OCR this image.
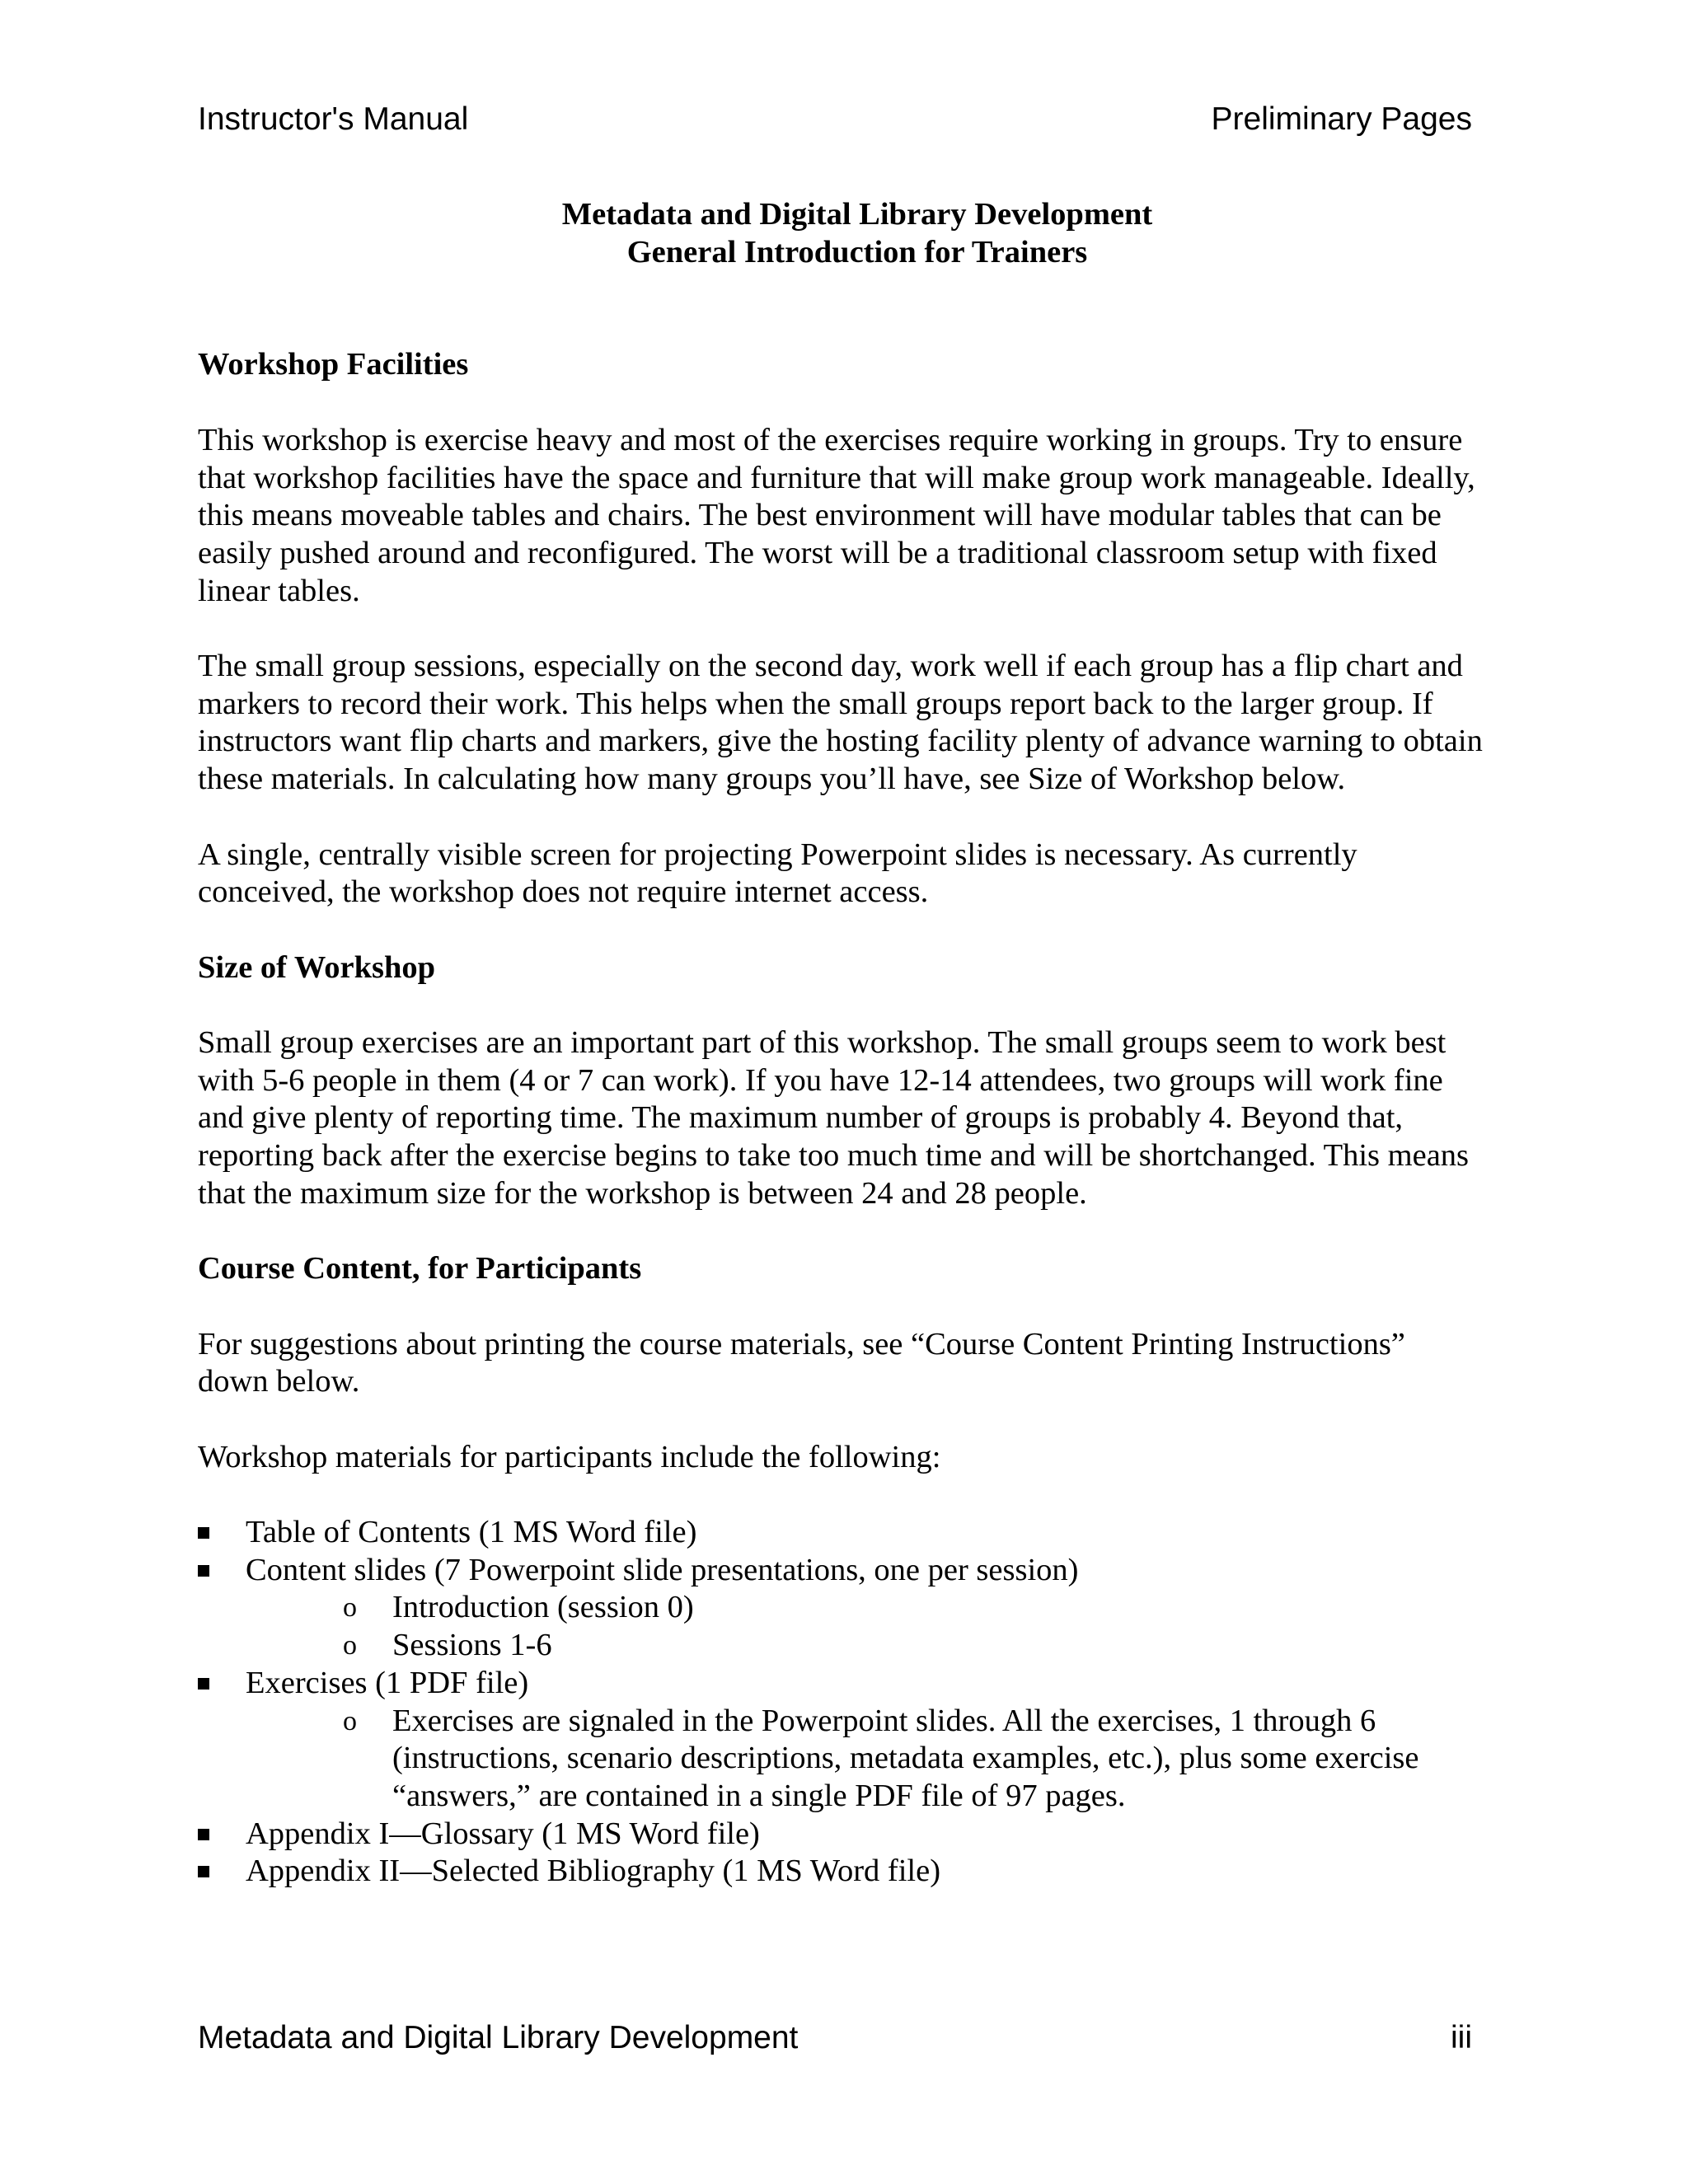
Instructor's Manual	Preliminary Pages
Metadata and Digital Library Development
General Introduction for Trainers
Workshop Facilities

This workshop is exercise heavy and most of the exercises require working in groups. Try to ensure that workshop facilities have the space and furniture that will make group work manageable. Ideally, this means moveable tables and chairs. The best environment will have modular tables that can be easily pushed around and reconfigured. The worst will be a traditional classroom setup with fixed linear tables.

The small group sessions, especially on the second day, work well if each group has a flip chart and markers to record their work. This helps when the small groups report back to the larger group. If instructors want flip charts and markers, give the hosting facility plenty of advance warning to obtain these materials. In calculating how many groups you’ll have, see Size of Workshop below.

A single, centrally visible screen for projecting Powerpoint slides is necessary. As currently conceived, the workshop does not require internet access.

Size of Workshop

Small group exercises are an important part of this workshop. The small groups seem to work best with 5-6 people in them (4 or 7 can work). If you have 12-14 attendees, two groups will work fine and give plenty of reporting time. The maximum number of groups is probably 4. Beyond that, reporting back after the exercise begins to take too much time and will be shortchanged. This means that the maximum size for the workshop is between 24 and 28 people.

Course Content, for Participants

For suggestions about printing the course materials, see “Course Content Printing Instructions” down below.

Workshop materials for participants include the following:

Table of Contents (1 MS Word file)
Content slides (7 Powerpoint slide presentations, one per session)
o Introduction (session 0)
o Sessions 1-6
Exercises (1 PDF file)
o Exercises are signaled in the Powerpoint slides. All the exercises, 1 through 6 (instructions, scenario descriptions, metadata examples, etc.), plus some exercise “answers,” are contained in a single PDF file of 97 pages.
Appendix I—Glossary (1 MS Word file)
Appendix II—Selected Bibliography (1 MS Word file)
Metadata and Digital Library Development	iii
